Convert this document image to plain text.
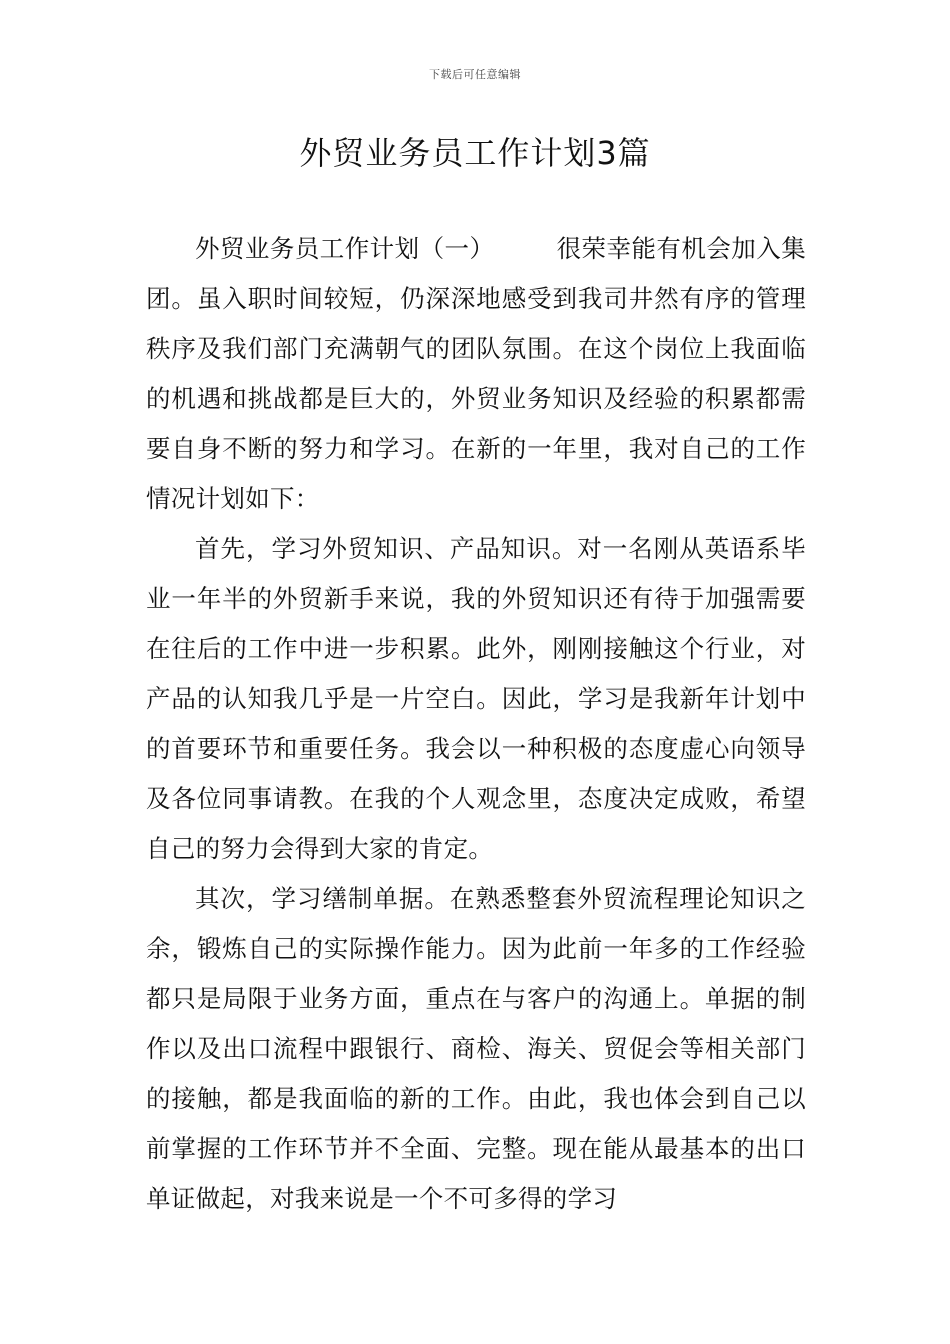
下载后可任意编辑
外贸业务员工作计划3篇

外贸业务员工作计划（一）	很荣幸能有机会加入集团。虽入职时间较短，仍深深地感受到我司井然有序的管理秩序及我们部门充满朝气的团队氛围。在这个岗位上我面临的机遇和挑战都是巨大的，外贸业务知识及经验的积累都需要自身不断的努力和学习。在新的一年里，我对自己的工作情况计划如下：

首先，学习外贸知识、产品知识。对一名刚从英语系毕业一年半的外贸新手来说，我的外贸知识还有待于加强需要在往后的工作中进一步积累。此外，刚刚接触这个行业，对产品的认知我几乎是一片空白。因此，学习是我新年计划中的首要环节和重要任务。我会以一种积极的态度虚心向领导及各位同事请教。在我的个人观念里，态度决定成败，希望自己的努力会得到大家的肯定。

其次，学习缮制单据。在熟悉整套外贸流程理论知识之余，锻炼自己的实际操作能力。因为此前一年多的工作经验都只是局限于业务方面，重点在与客户的沟通上。单据的制作以及出口流程中跟银行、商检、海关、贸促会等相关部门的接触，都是我面临的新的工作。由此，我也体会到自己以前掌握的工作环节并不全面、完整。现在能从最基本的出口单证做起，对我来说是一个不可多得的学习
